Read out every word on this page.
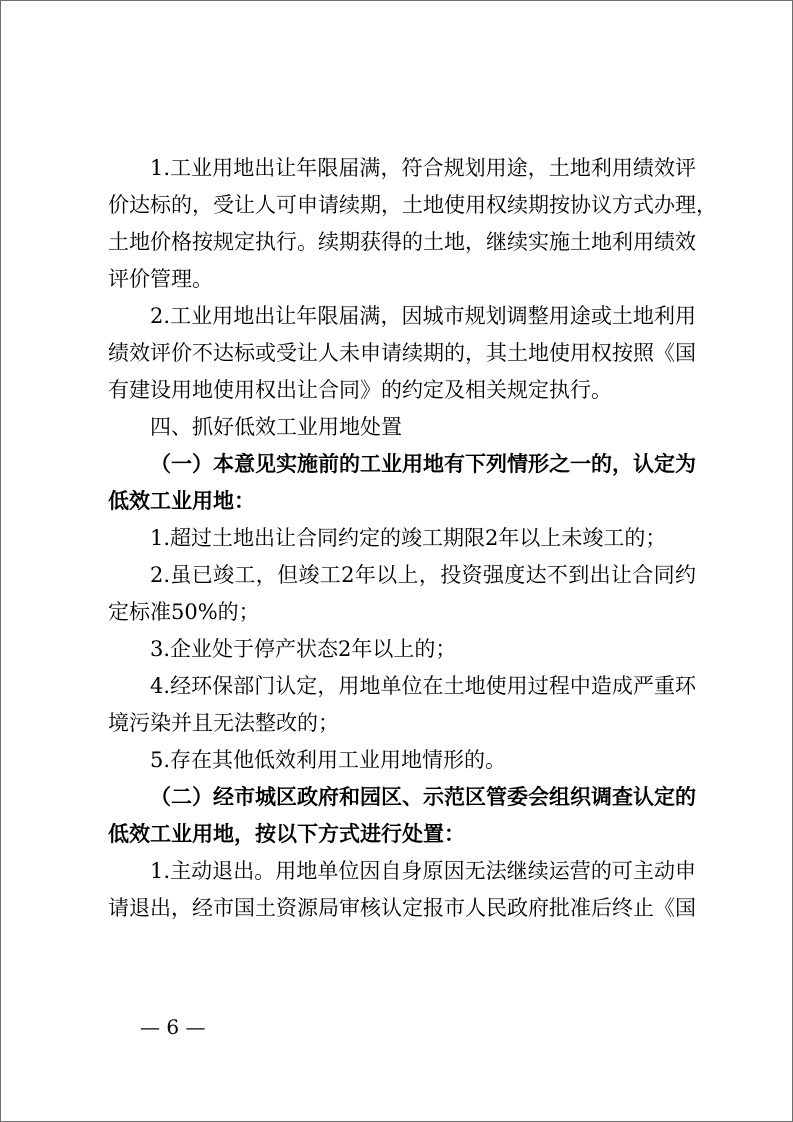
1.工业用地出让年限届满，符合规划用途，土地利用绩效评
价达标的，受让人可申请续期，土地使用权续期按协议方式办理，
土地价格按规定执行。续期获得的土地，继续实施土地利用绩效
评价管理。
2.工业用地出让年限届满，因城市规划调整用途或土地利用
绩效评价不达标或受让人未申请续期的，其土地使用权按照《国
有建设用地使用权出让合同》的约定及相关规定执行。
四、抓好低效工业用地处置
（一）本意见实施前的工业用地有下列情形之一的，认定为
低效工业用地：
1.超过土地出让合同约定的竣工期限2年以上未竣工的；
2.虽已竣工，但竣工2年以上，投资强度达不到出让合同约
定标准50%的；
3.企业处于停产状态2年以上的；
4.经环保部门认定，用地单位在土地使用过程中造成严重环
境污染并且无法整改的；
5.存在其他低效利用工业用地情形的。
（二）经市城区政府和园区、示范区管委会组织调查认定的
低效工业用地，按以下方式进行处置：
1.主动退出。用地单位因自身原因无法继续运营的可主动申
请退出，经市国土资源局审核认定报市人民政府批准后终止《国
— 6 —
